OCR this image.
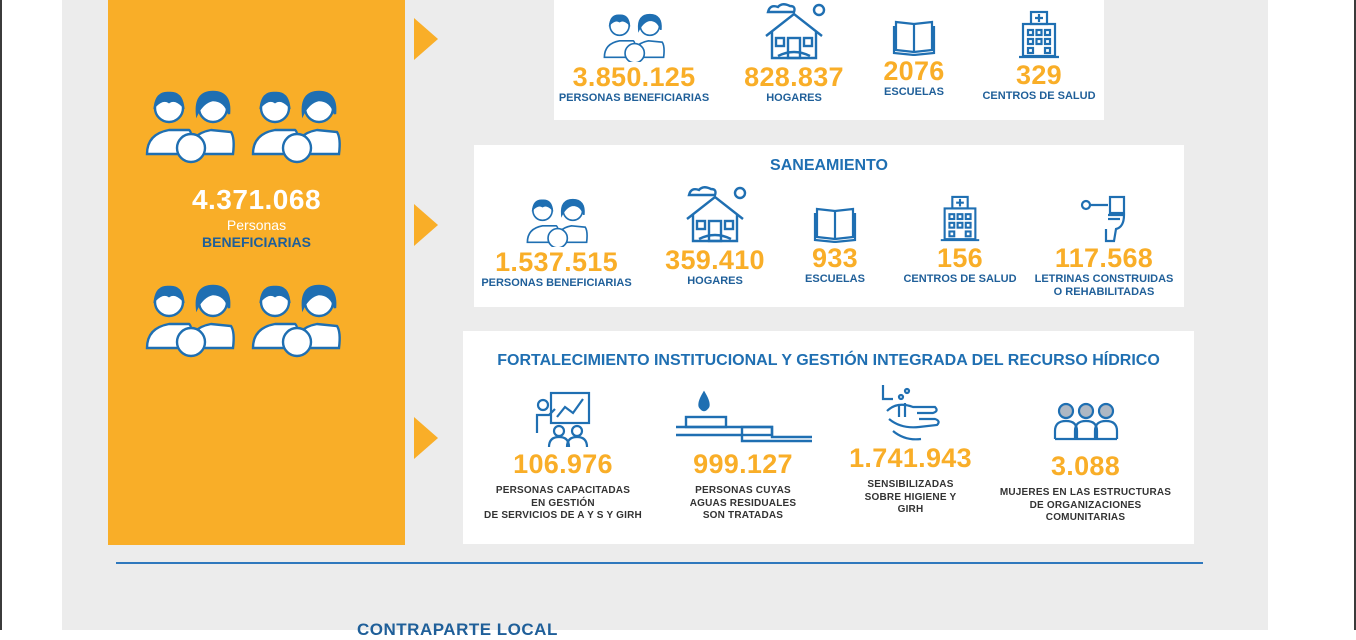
4.371.068
Personas
BENEFICIARIAS
3.850.125
PERSONAS BENEFICIARIAS
828.837
HOGARES
2076
ESCUELAS
329
CENTROS DE SALUD
SANEAMIENTO
1.537.515
PERSONAS BENEFICIARIAS
359.410
HOGARES
933
ESCUELAS
156
CENTROS DE SALUD
117.568
LETRINAS CONSTRUIDAS
O REHABILITADAS
FORTALECIMIENTO INSTITUCIONAL Y GESTIÓN INTEGRADA DEL RECURSO HÍDRICO
106.976
PERSONAS CAPACITADAS
EN GESTIÓN
DE SERVICIOS DE A Y S Y GIRH
999.127
PERSONAS CUYAS
AGUAS RESIDUALES
SON TRATADAS
1.741.943
SENSIBILIZADAS
SOBRE HIGIENE Y
GIRH
3.088
MUJERES EN LAS ESTRUCTURAS
DE ORGANIZACIONES
COMUNITARIAS
CONTRAPARTE LOCAL
